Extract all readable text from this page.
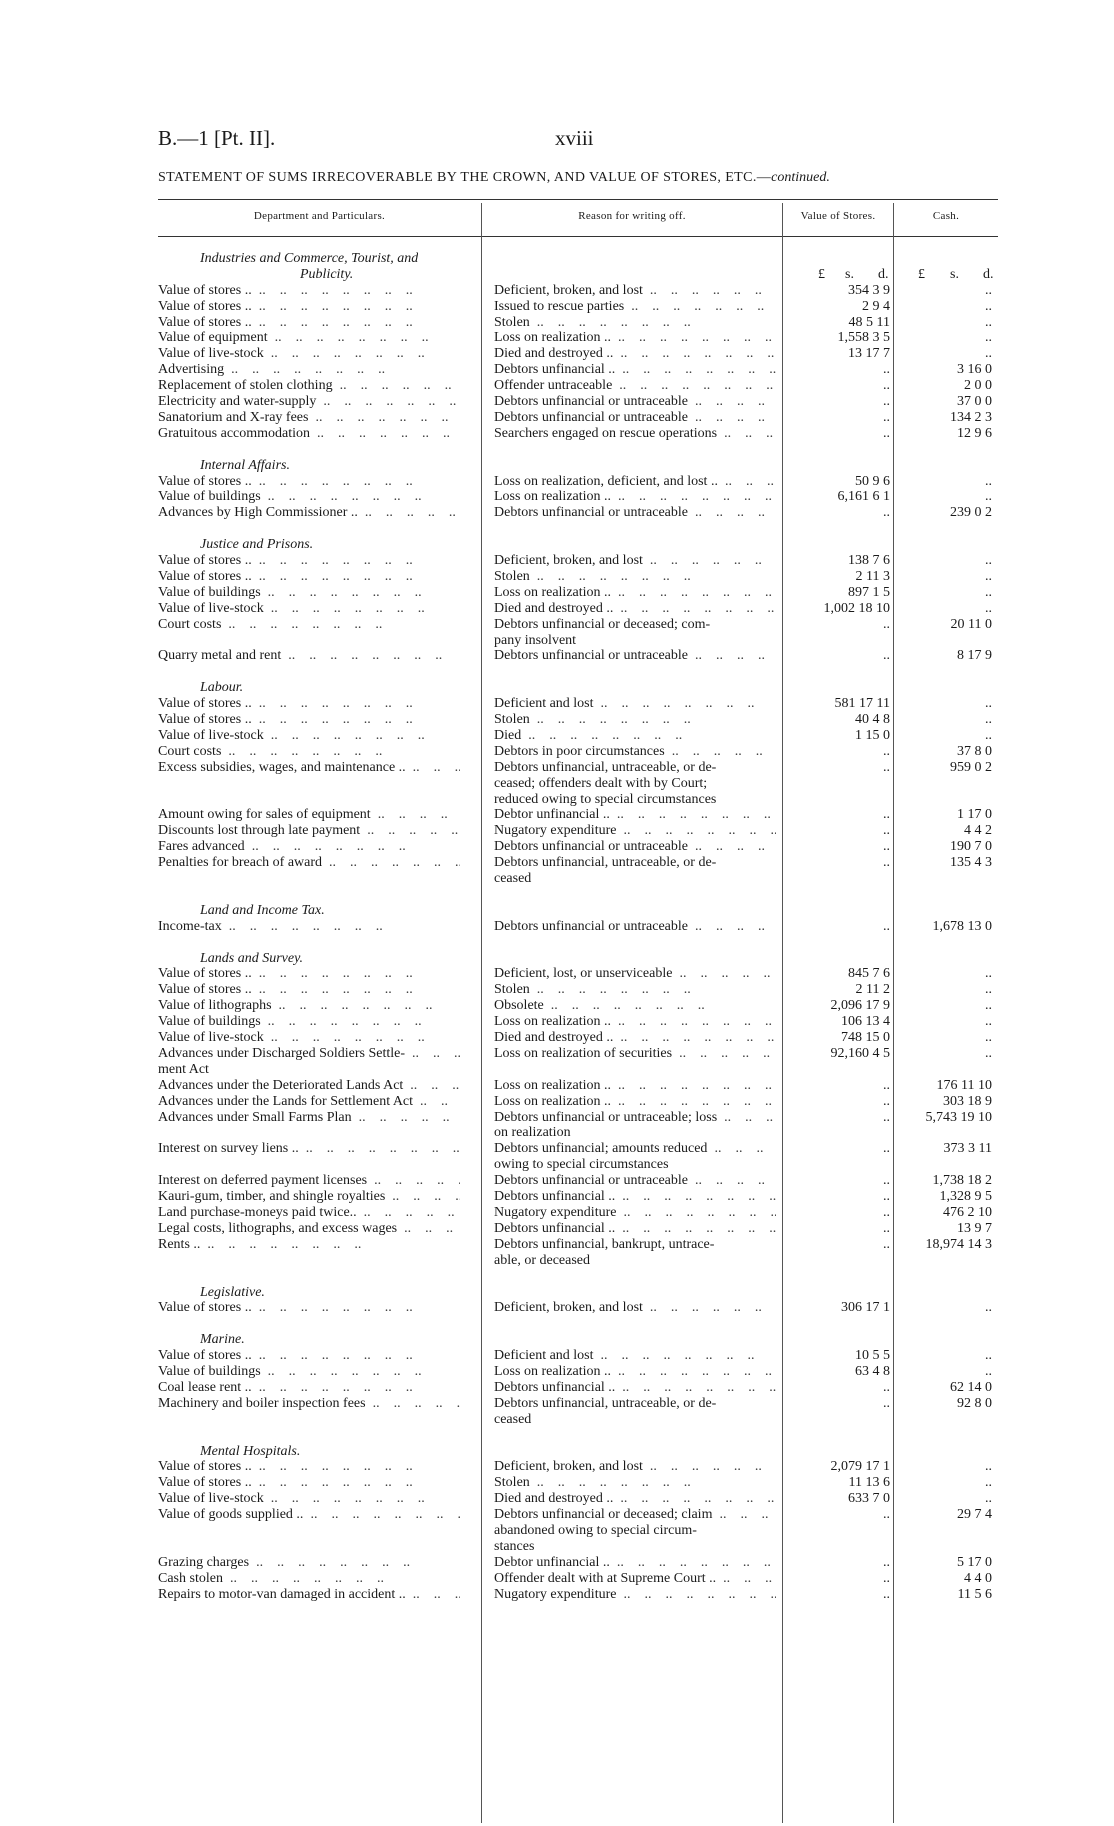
B.—1 [Pt. II].	xviii
STATEMENT OF SUMS IRRECOVERABLE BY THE CROWN, AND VALUE OF STORES, ETC.—continued.
Department and Particulars.	Reason for writing off.	Value of Stores.	Cash.
Industries and Commerce, Tourist, and
Publicity.	£ s. d. £ s. d.
Value of stores .. ..	Deficient, broken, and lost ..	354 3 9	..
Value of stores .. ..	Issued to rescue parties ..	2 9 4	..
Value of stores .. ..	Stolen ..	48 5 11	..
Value of equipment ..	Loss on realization .. ..	1,558 3 5	..
Value of live-stock ..	Died and destroyed .. ..	13 17 7	..
Advertising ..	Debtors unfinancial .. ..	..	3 16 0
Replacement of stolen clothing ..	Offender untraceable ..	..	2 0 0
Electricity and water-supply ..	Debtors unfinancial or untraceable ..	..	37 0 0
Sanatorium and X-ray fees ..	Debtors unfinancial or untraceable ..	..	134 2 3
Gratuitous accommodation ..	Searchers engaged on rescue operations ..	..	12 9 6
Internal Affairs.
Value of stores .. ..	Loss on realization, deficient, and lost .. ..	50 9 6	..
Value of buildings ..	Loss on realization .. ..	6,161 6 1	..
Advances by High Commissioner .. ..	Debtors unfinancial or untraceable ..	..	239 0 2
Justice and Prisons.
Value of stores .. ..	Deficient, broken, and lost ..	138 7 6	..
Value of stores .. ..	Stolen ..	2 11 3	..
Value of buildings ..	Loss on realization .. ..	897 1 5	..
Value of live-stock ..	Died and destroyed .. ..	1,002 18 10	..
Court costs ..	Debtors unfinancial or deceased; com-	..	20 11 0
pany insolvent
Quarry metal and rent ..	Debtors unfinancial or untraceable ..	..	8 17 9
Labour.
Value of stores .. ..	Deficient and lost ..	581 17 11	..
Value of stores .. ..	Stolen ..	40 4 8	..
Value of live-stock ..	Died ..	1 15 0	..
Court costs ..	Debtors in poor circumstances ..	..	37 8 0
Excess subsidies, wages, and maintenance .. ..	Debtors unfinancial, untraceable, or de-	..	959 0 2
ceased; offenders dealt with by Court;
reduced owing to special circumstances
Amount owing for sales of equipment ..	Debtor unfinancial .. ..	..	1 17 0
Discounts lost through late payment ..	Nugatory expenditure ..	..	4 4 2
Fares advanced ..	Debtors unfinancial or untraceable ..	..	190 7 0
Penalties for breach of award ..	Debtors unfinancial, untraceable, or de-	..	135 4 3
ceased
Land and Income Tax.
Income-tax ..	Debtors unfinancial or untraceable ..	..	1,678 13 0
Lands and Survey.
Value of stores .. ..	Deficient, lost, or unserviceable ..	845 7 6	..
Value of stores .. ..	Stolen ..	2 11 2	..
Value of lithographs ..	Obsolete ..	2,096 17 9	..
Value of buildings ..	Loss on realization .. ..	106 13 4	..
Value of live-stock ..	Died and destroyed .. ..	748 15 0	..
Advances under Discharged Soldiers Settle- ..	Loss on realization of securities ..	92,160 4 5	..
ment Act
Advances under the Deteriorated Lands Act ..	Loss on realization .. ..	..	176 11 10
Advances under the Lands for Settlement Act ..	Loss on realization .. ..	..	303 18 9
Advances under Small Farms Plan ..	Debtors unfinancial or untraceable; loss ..	..	5,743 19 10
on realization
Interest on survey liens .. ..	Debtors unfinancial; amounts reduced ..	..	373 3 11
owing to special circumstances
Interest on deferred payment licenses ..	Debtors unfinancial or untraceable ..	..	1,738 18 2
Kauri-gum, timber, and shingle royalties ..	Debtors unfinancial .. ..	..	1,328 9 5
Land purchase-moneys paid twice.. ..	Nugatory expenditure ..	..	476 2 10
Legal costs, lithographs, and excess wages ..	Debtors unfinancial .. ..	..	13 9 7
Rents .. ..	Debtors unfinancial, bankrupt, untrace-	..	18,974 14 3
able, or deceased
Legislative.
Value of stores .. ..	Deficient, broken, and lost ..	306 17 1	..
Marine.
Value of stores .. ..	Deficient and lost ..	10 5 5	..
Value of buildings ..	Loss on realization .. ..	63 4 8	..
Coal lease rent .. ..	Debtors unfinancial .. ..	..	62 14 0
Machinery and boiler inspection fees ..	Debtors unfinancial, untraceable, or de-	..	92 8 0
ceased
Mental Hospitals.
Value of stores .. ..	Deficient, broken, and lost ..	2,079 17 1	..
Value of stores .. ..	Stolen ..	11 13 6	..
Value of live-stock ..	Died and destroyed .. ..	633 7 0	..
Value of goods supplied .. ..	Debtors unfinancial or deceased; claim ..	..	29 7 4
abandoned owing to special circum-
stances
Grazing charges ..	Debtor unfinancial .. ..	..	5 17 0
Cash stolen ..	Offender dealt with at Supreme Court .. ..	..	4 4 0
Repairs to motor-van damaged in accident .. ..	Nugatory expenditure ..	..	11 5 6
